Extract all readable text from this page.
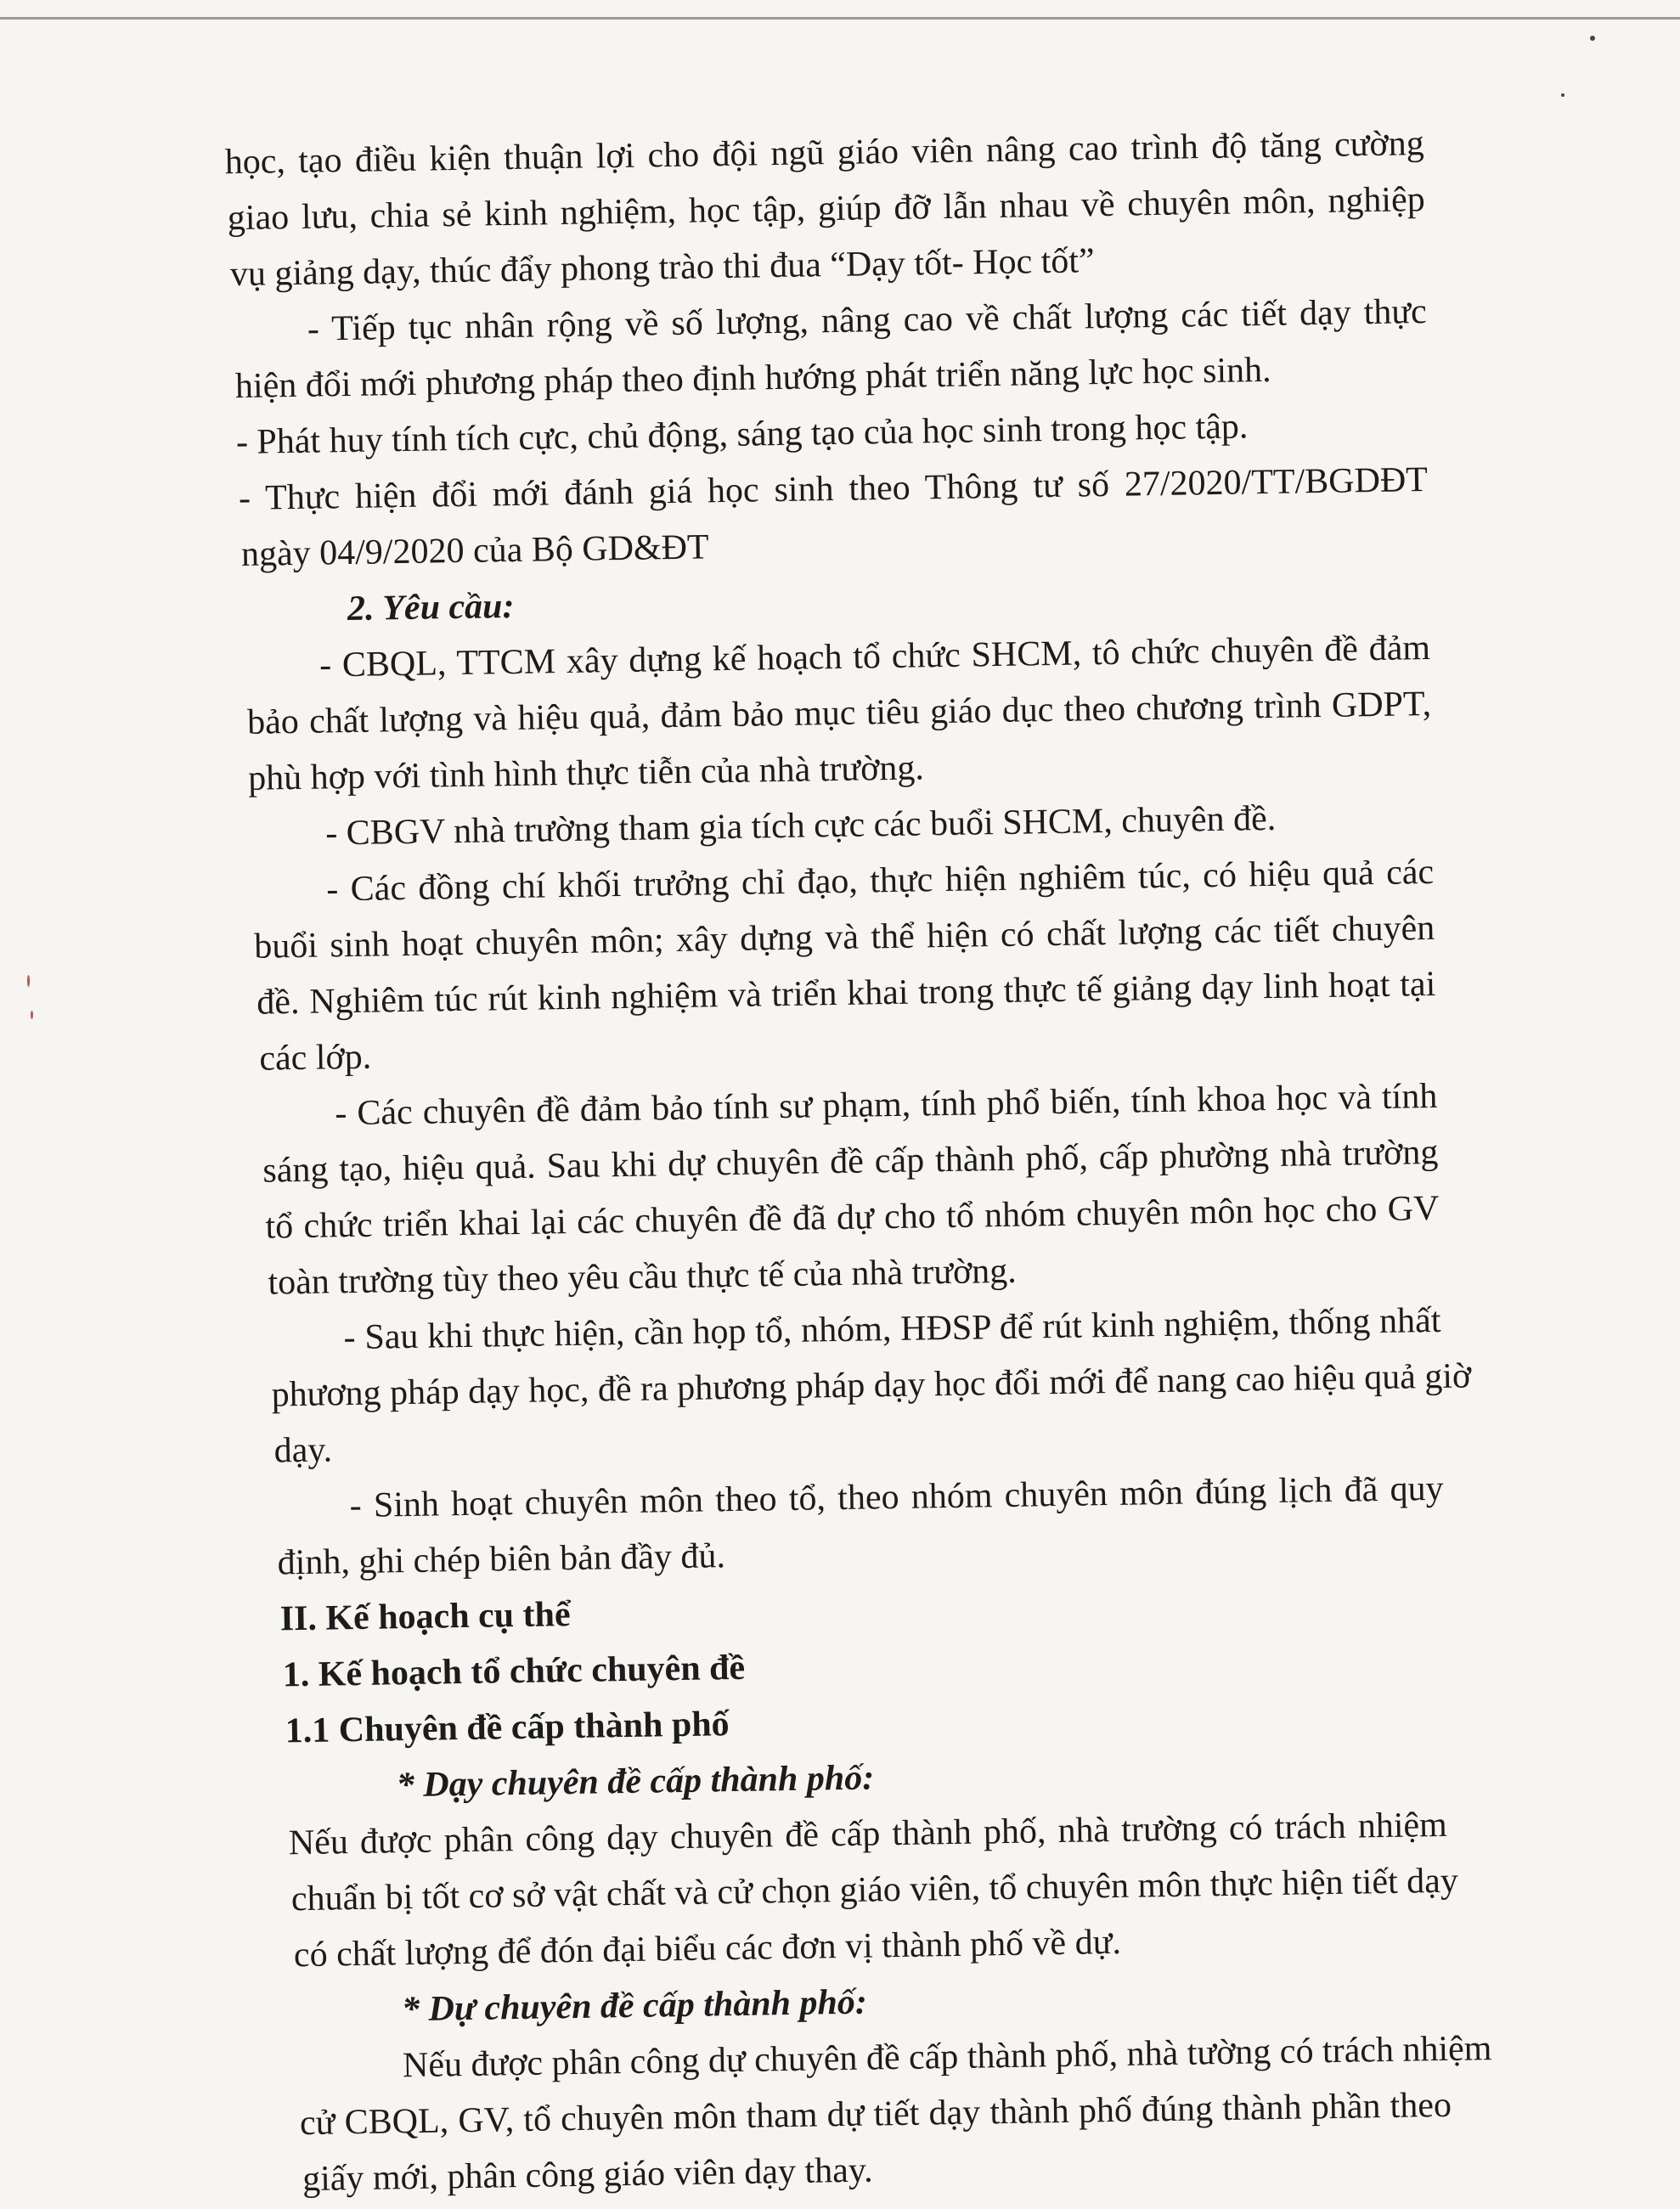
học, tạo điều kiện thuận lợi cho đội ngũ giáo viên nâng cao trình độ tăng cường

giao lưu, chia sẻ kinh nghiệm, học tập, giúp đỡ lẫn nhau về chuyên môn, nghiệp

vụ giảng dạy, thúc đẩy phong trào thi đua “Dạy tốt- Học tốt”

- Tiếp tục nhân rộng về số lượng, nâng cao về chất lượng các tiết dạy thực

hiện đổi mới phương pháp theo định hướng phát triển năng lực học sinh.

- Phát huy tính tích cực, chủ động, sáng tạo của học sinh trong học tập.

- Thực hiện đổi mới đánh giá học sinh theo Thông tư số 27/2020/TT/BGDĐT

ngày 04/9/2020 của Bộ GD&ĐT

2. Yêu cầu:

- CBQL, TTCM xây dựng kế hoạch tổ chức SHCM, tô chức chuyên đề đảm

bảo chất lượng và hiệu quả, đảm bảo mục tiêu giáo dục theo chương trình GDPT,

phù hợp với tình hình thực tiễn của nhà trường.

- CBGV nhà trường tham gia tích cực các buổi SHCM, chuyên đề.

- Các đồng chí khối trưởng chỉ đạo, thực hiện nghiêm túc, có hiệu quả các

buổi sinh hoạt chuyên môn; xây dựng và thể hiện có chất lượng các tiết chuyên

đề. Nghiêm túc rút kinh nghiệm và triển khai trong thực tế giảng dạy linh hoạt tại

các lớp.

- Các chuyên đề đảm bảo tính sư phạm, tính phổ biến, tính khoa học và tính

sáng tạo, hiệu quả. Sau khi dự chuyên đề cấp thành phố, cấp phường nhà trường

tổ chức triển khai lại các chuyên đề đã dự cho tổ nhóm chuyên môn học cho GV

toàn trường tùy theo yêu cầu thực tế của nhà trường.

- Sau khi thực hiện, cần họp tổ, nhóm, HĐSP để rút kinh nghiệm, thống nhất

phương pháp dạy học, đề ra phương pháp dạy học đổi mới để nang cao hiệu quả giờ

dạy.

- Sinh hoạt chuyên môn theo tổ, theo nhóm chuyên môn đúng lịch đã quy

định, ghi chép biên bản đầy đủ.

II. Kế hoạch cụ thể

1. Kế hoạch tổ chức chuyên đề

1.1 Chuyên đề cấp thành phố

* Dạy chuyên đề cấp thành phố:

Nếu được phân công dạy chuyên đề cấp thành phố, nhà trường có trách nhiệm

chuẩn bị tốt cơ sở vật chất và cử chọn giáo viên, tổ chuyên môn thực hiện tiết dạy

có chất lượng để đón đại biểu các đơn vị thành phố về dự.

* Dự chuyên đề cấp thành phố:

Nếu được phân công dự chuyên đề cấp thành phố, nhà tường có trách nhiệm

cử CBQL, GV, tổ chuyên môn tham dự tiết dạy thành phố đúng thành phần theo

giấy mới, phân công giáo viên dạy thay.
